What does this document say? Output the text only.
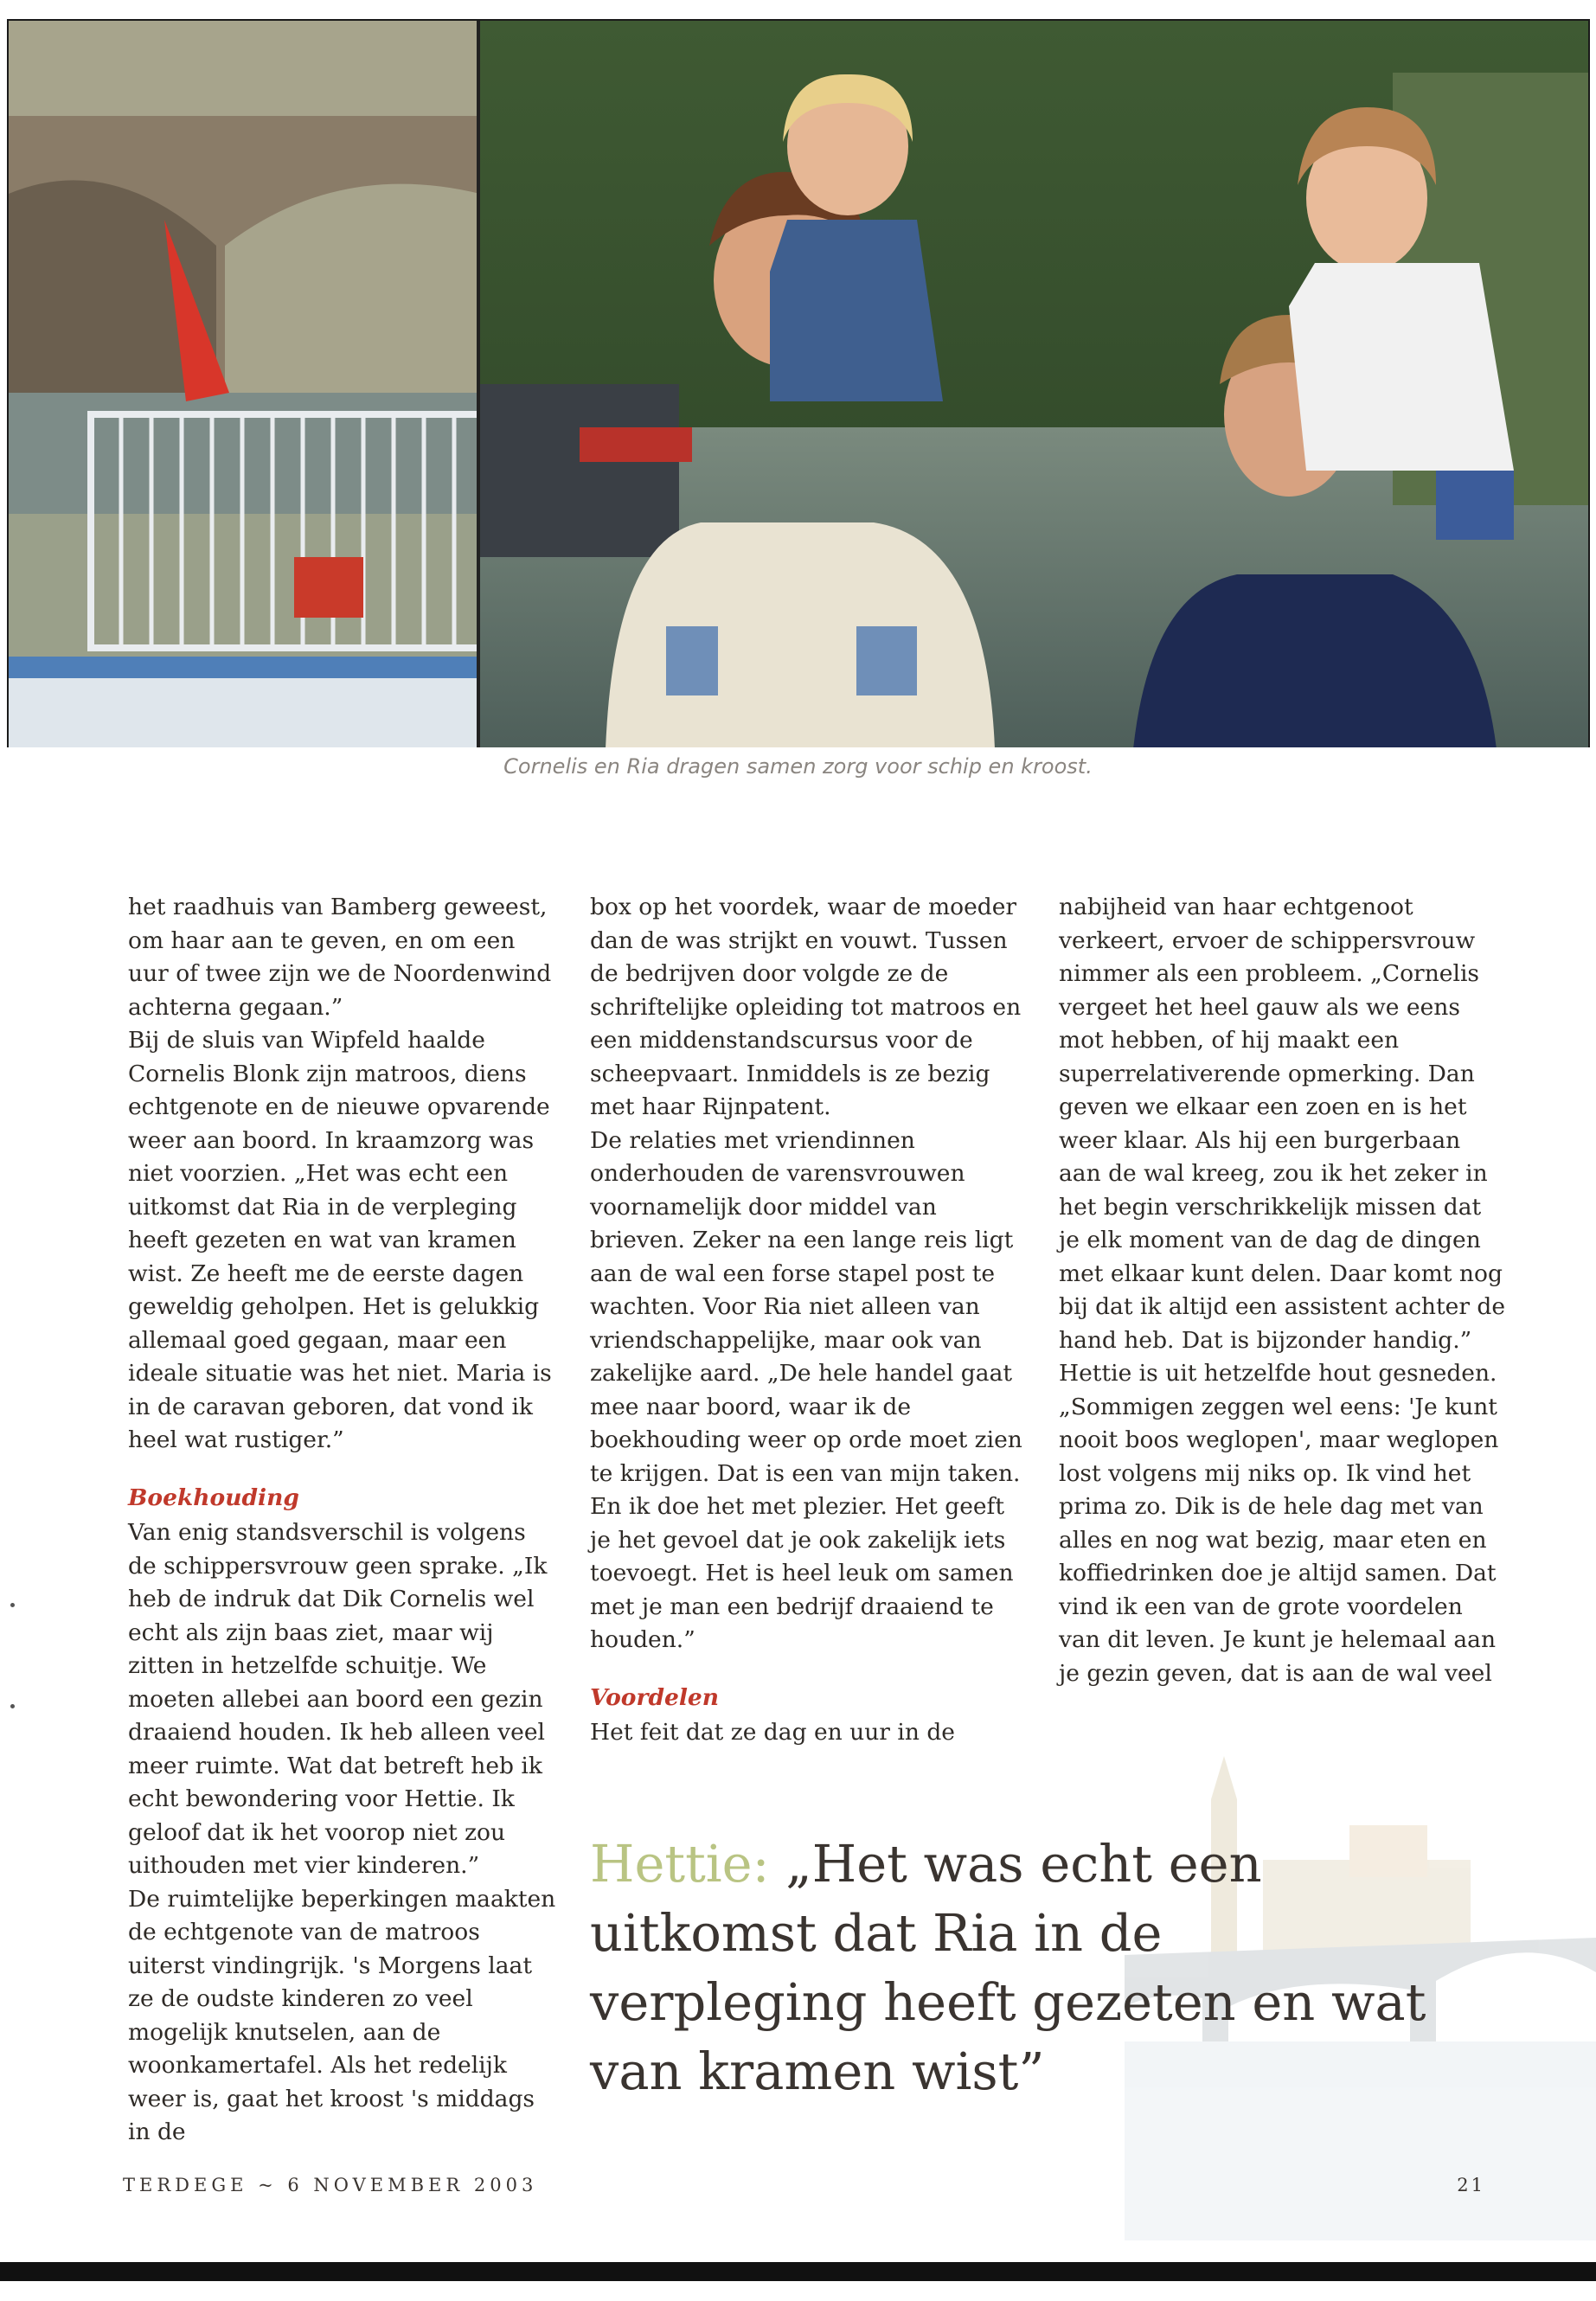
Cornelis en Ria dragen samen zorg voor schip en kroost.

het raadhuis van Bamberg geweest, om haar aan te geven, en om een uur of twee zijn we de Noordenwind achterna gegaan.”

Bij de sluis van Wipfeld haalde Cornelis Blonk zijn matroos, diens echtgenote en de nieuwe opvarende weer aan boord. In kraamzorg was niet voorzien. „Het was echt een uitkomst dat Ria in de verpleging heeft gezeten en wat van kramen wist. Ze heeft me de eerste dagen geweldig geholpen. Het is gelukkig allemaal goed gegaan, maar een ideale situatie was het niet. Maria is in de caravan geboren, dat vond ik heel wat rustiger.”

Boekhouding

Van enig standsverschil is volgens de schippersvrouw geen sprake. „Ik heb de indruk dat Dik Cornelis wel echt als zijn baas ziet, maar wij zitten in hetzelfde schuitje. We moeten allebei aan boord een gezin draaiend houden. Ik heb alleen veel meer ruimte. Wat dat betreft heb ik echt bewondering voor Hettie. Ik geloof dat ik het voorop niet zou uithouden met vier kinderen.”

De ruimtelijke beperkingen maakten de echtgenote van de matroos uiterst vindingrijk. 's Morgens laat ze de oudste kinderen zo veel mogelijk knutselen, aan de woonkamertafel. Als het redelijk weer is, gaat het kroost 's middags in de

box op het voordek, waar de moeder dan de was strijkt en vouwt. Tussen de bedrijven door volgde ze de schriftelijke opleiding tot matroos en een middenstandscursus voor de scheepvaart. Inmiddels is ze bezig met haar Rijnpatent.

De relaties met vriendinnen onderhouden de varensvrouwen voornamelijk door middel van brieven. Zeker na een lange reis ligt aan de wal een forse stapel post te wachten. Voor Ria niet alleen van vriendschappelijke, maar ook van zakelijke aard. „De hele handel gaat mee naar boord, waar ik de boekhouding weer op orde moet zien te krijgen. Dat is een van mijn taken. En ik doe het met plezier. Het geeft je het gevoel dat je ook zakelijk iets toevoegt. Het is heel leuk om samen met je man een bedrijf draaiend te houden.”

Voordelen

Het feit dat ze dag en uur in de

nabijheid van haar echtgenoot verkeert, ervoer de schippersvrouw nimmer als een probleem. „Cornelis vergeet het heel gauw als we eens mot hebben, of hij maakt een superrelativerende opmerking. Dan geven we elkaar een zoen en is het weer klaar. Als hij een burgerbaan aan de wal kreeg, zou ik het zeker in het begin verschrikkelijk missen dat je elk moment van de dag de dingen met elkaar kunt delen. Daar komt nog bij dat ik altijd een assistent achter de hand heb. Dat is bijzonder handig.”

Hettie is uit hetzelfde hout gesneden. „Sommigen zeggen wel eens: 'Je kunt nooit boos weglopen', maar weglopen lost volgens mij niks op. Ik vind het prima zo. Dik is de hele dag met van alles en nog wat bezig, maar eten en koffiedrinken doe je altijd samen. Dat vind ik een van de grote voordelen van dit leven. Je kunt je helemaal aan je gezin geven, dat is aan de wal veel

Hettie: „Het was echt een uitkomst dat Ria in de verpleging heeft gezeten en wat van kramen wist”
TERDEGE ~ 6 NOVEMBER 2003	21
